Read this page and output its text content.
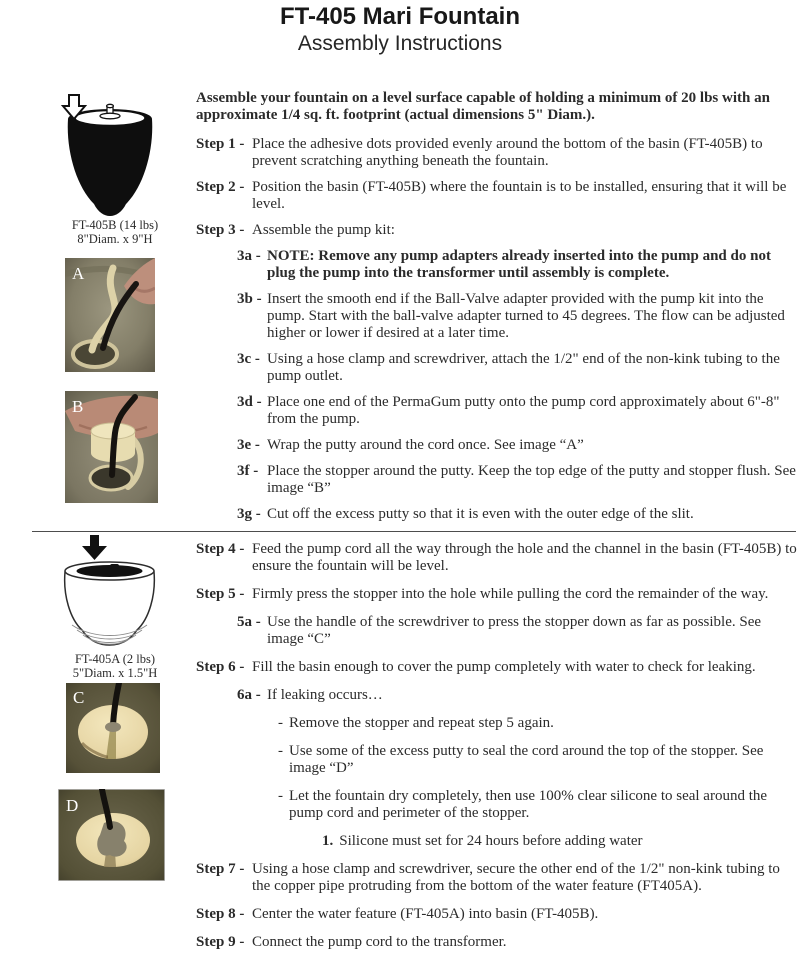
FT-405 Mari Fountain
Assembly Instructions
FT-405B (14 lbs)
8"Diam. x 9"H
A
B
FT-405A (2 lbs)
5"Diam. x 1.5"H
C
D

Assemble your fountain on a level surface capable of holding a minimum of 20 lbs with an approximate 1/4 sq. ft. footprint (actual dimensions 5" Diam.).

Step 1 - Place the adhesive dots provided evenly around the bottom of the basin (FT-405B) to prevent scratching anything beneath the fountain.
Step 2 - Position the basin (FT-405B) where the fountain is to be installed, ensuring that it will be level.
Step 3 - Assemble the pump kit:
3a - NOTE: Remove any pump adapters already inserted into the pump and do not plug the pump into the transformer until assembly is complete.
3b - Insert the smooth end if the Ball-Valve adapter provided with the pump kit into the pump. Start with the ball-valve adapter turned to 45 degrees. The flow can be adjusted higher or lower if desired at a later time.
3c - Using a hose clamp and screwdriver, attach the 1/2" end of the non-kink tubing to the pump outlet.
3d - Place one end of the PermaGum putty onto the pump cord approximately about 6"-8" from the pump.
3e - Wrap the putty around the cord once. See image “A”
3f - Place the stopper around the putty. Keep the top edge of the putty and stopper flush. See image “B”
3g - Cut off the excess putty so that it is even with the outer edge of the slit.
Step 4 - Feed the pump cord all the way through the hole and the channel in the basin (FT-405B) to ensure the fountain will be level.
Step 5 - Firmly press the stopper into the hole while pulling the cord the remainder of the way.
5a - Use the handle of the screwdriver to press the stopper down as far as possible. See image “C”
Step 6 - Fill the basin enough to cover the pump completely with water to check for leaking.
6a - If leaking occurs…
- Remove the stopper and repeat step 5 again.
- Use some of the excess putty to seal the cord around the top of the stopper. See image “D”
- Let the fountain dry completely, then use 100% clear silicone to seal around the pump cord and perimeter of the stopper.
1. Silicone must set for 24 hours before adding water
Step 7 - Using a hose clamp and screwdriver, secure the other end of the 1/2" non-kink tubing to the copper pipe protruding from the bottom of the water feature (FT405A).
Step 8 - Center the water feature (FT-405A) into basin (FT-405B).
Step 9 - Connect the pump cord to the transformer.
